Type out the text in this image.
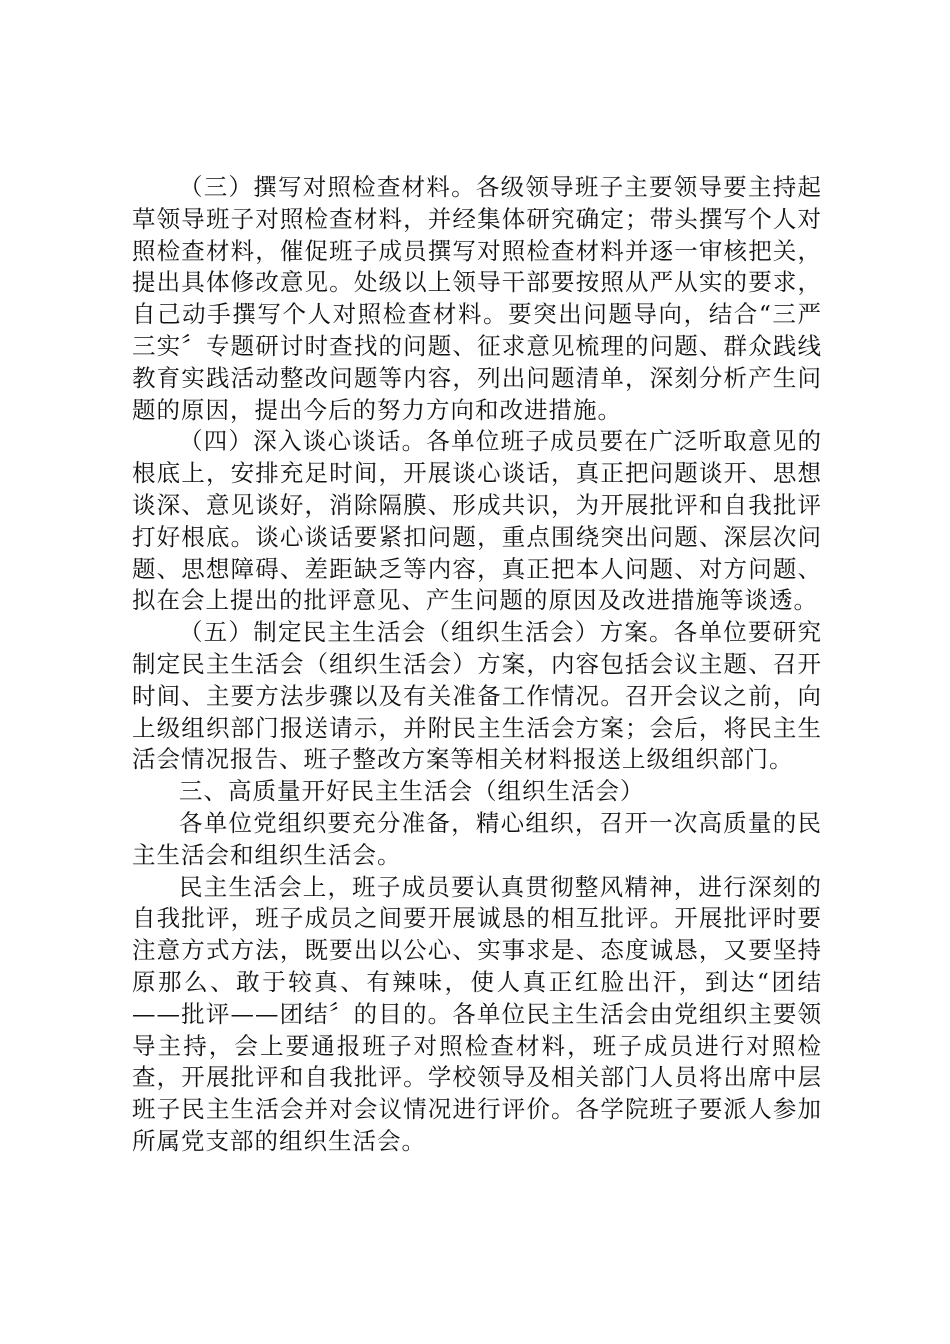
（三）撰写对照检查材料。各级领导班子主要领导要主持起草领导班子对照检查材料，并经集体研究确定；带头撰写个人对照检查材料，催促班子成员撰写对照检查材料并逐一审核把关，提出具体修改意见。处级以上领导干部要按照从严从实的要求，自己动手撰写个人对照检查材料。要突出问题导向，结合“三严三实〞专题研讨时查找的问题、征求意见梳理的问题、群众践线教育实践活动整改问题等内容，列出问题清单，深刻分析产生问题的原因，提出今后的努力方向和改进措施。

（四）深入谈心谈话。各单位班子成员要在广泛听取意见的根底上，安排充足时间，开展谈心谈话，真正把问题谈开、思想谈深、意见谈好，消除隔膜、形成共识，为开展批评和自我批评打好根底。谈心谈话要紧扣问题，重点围绕突出问题、深层次问题、思想障碍、差距缺乏等内容，真正把本人问题、对方问题、拟在会上提出的批评意见、产生问题的原因及改进措施等谈透。

（五）制定民主生活会（组织生活会）方案。各单位要研究制定民主生活会（组织生活会）方案，内容包括会议主题、召开时间、主要方法步骤以及有关准备工作情况。召开会议之前，向上级组织部门报送请示，并附民主生活会方案；会后，将民主生活会情况报告、班子整改方案等相关材料报送上级组织部门。

三、高质量开好民主生活会（组织生活会）

各单位党组织要充分准备，精心组织，召开一次高质量的民主生活会和组织生活会。

民主生活会上，班子成员要认真贯彻整风精神，进行深刻的自我批评，班子成员之间要开展诚恳的相互批评。开展批评时要注意方式方法，既要出以公心、实事求是、态度诚恳，又要坚持原那么、敢于较真、有辣味，使人真正红脸出汗，到达“团结——批评——团结〞的目的。各单位民主生活会由党组织主要领导主持，会上要通报班子对照检查材料，班子成员进行对照检查，开展批评和自我批评。学校领导及相关部门人员将出席中层班子民主生活会并对会议情况进行评价。各学院班子要派人参加所属党支部的组织生活会。
